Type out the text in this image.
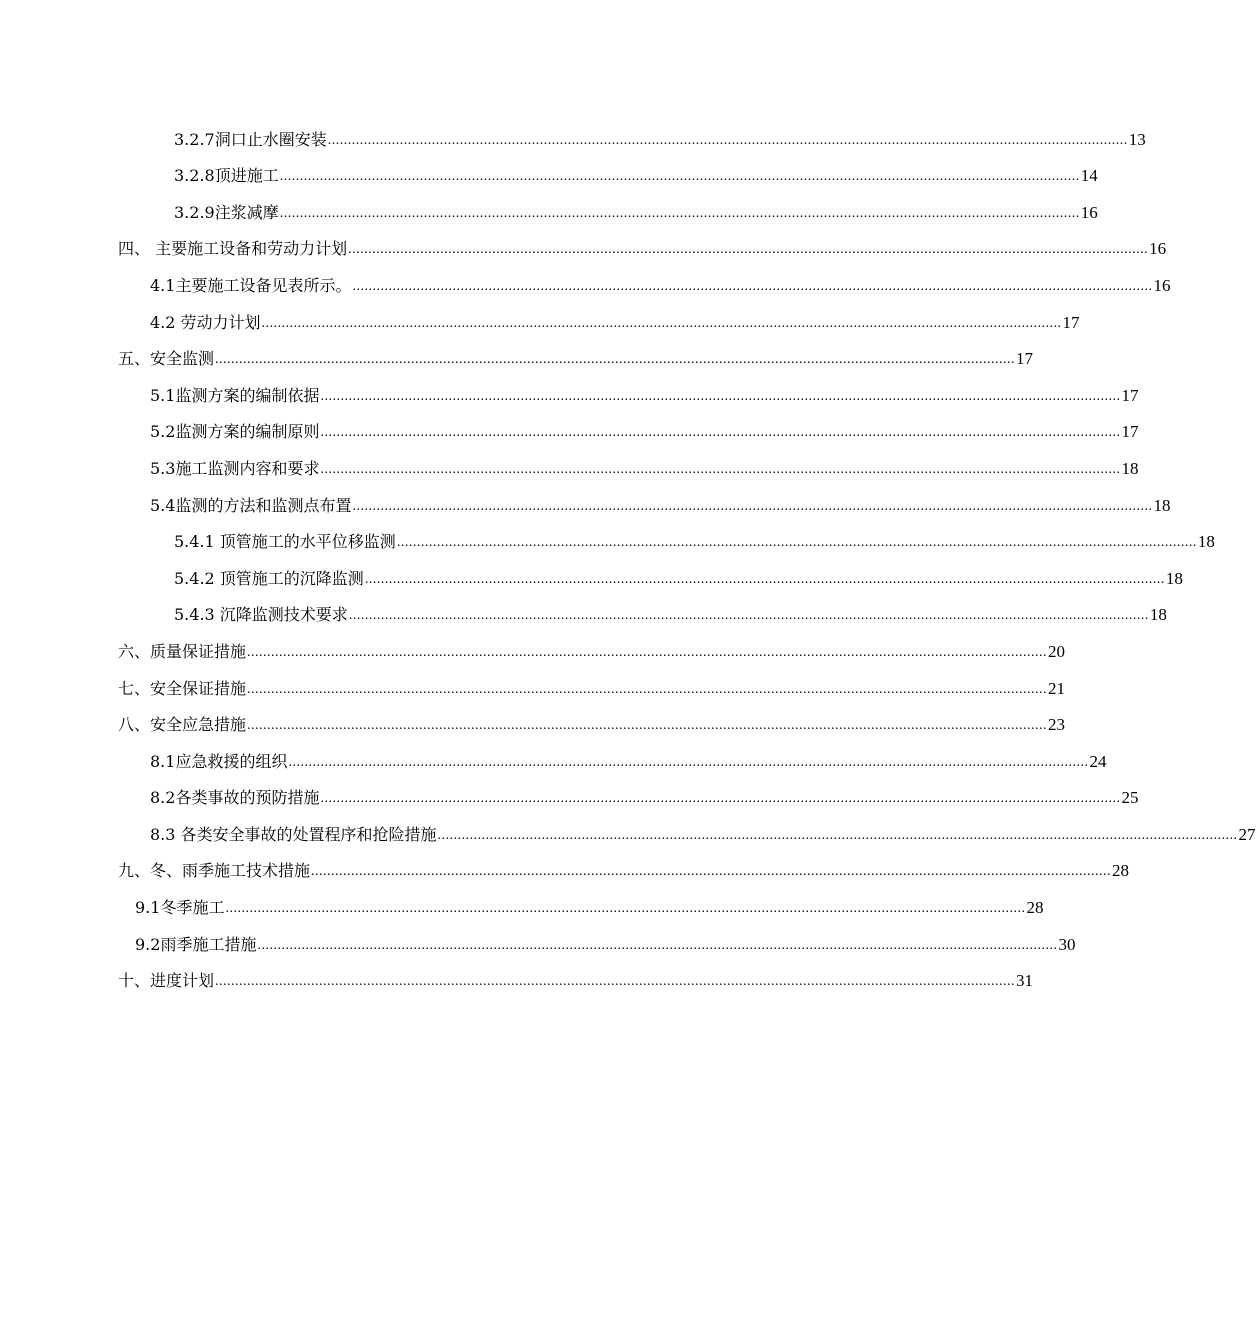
3.2.7洞口止水圈安装 ........................................................................................................................................................................................................ 13
3.2.8顶进施工 ........................................................................................................................................................................................................ 14
3.2.9注浆减摩 ........................................................................................................................................................................................................ 16
四、 主要施工设备和劳动力计划 ........................................................................................................................................................................................................ 16
4.1主要施工设备见表所示。 ........................................................................................................................................................................................................ 16
4.2 劳动力计划 ........................................................................................................................................................................................................ 17
五、安全监测 ........................................................................................................................................................................................................ 17
5.1监测方案的编制依据 ........................................................................................................................................................................................................ 17
5.2监测方案的编制原则 ........................................................................................................................................................................................................ 17
5.3施工监测内容和要求 ........................................................................................................................................................................................................ 18
5.4监测的方法和监测点布置 ........................................................................................................................................................................................................ 18
5.4.1 顶管施工的水平位移监测 ........................................................................................................................................................................................................ 18
5.4.2 顶管施工的沉降监测 ........................................................................................................................................................................................................ 18
5.4.3 沉降监测技术要求 ........................................................................................................................................................................................................ 18
六、质量保证措施 ........................................................................................................................................................................................................ 20
七、安全保证措施 ........................................................................................................................................................................................................ 21
八、安全应急措施 ........................................................................................................................................................................................................ 23
8.1应急救援的组织 ........................................................................................................................................................................................................ 24
8.2各类事故的预防措施 ........................................................................................................................................................................................................ 25
8.3 各类安全事故的处置程序和抢险措施 ........................................................................................................................................................................................................ 27
九、冬、雨季施工技术措施 ........................................................................................................................................................................................................ 28
9.1冬季施工 ........................................................................................................................................................................................................ 28
9.2雨季施工措施 ........................................................................................................................................................................................................ 30
十、进度计划 ........................................................................................................................................................................................................ 31
